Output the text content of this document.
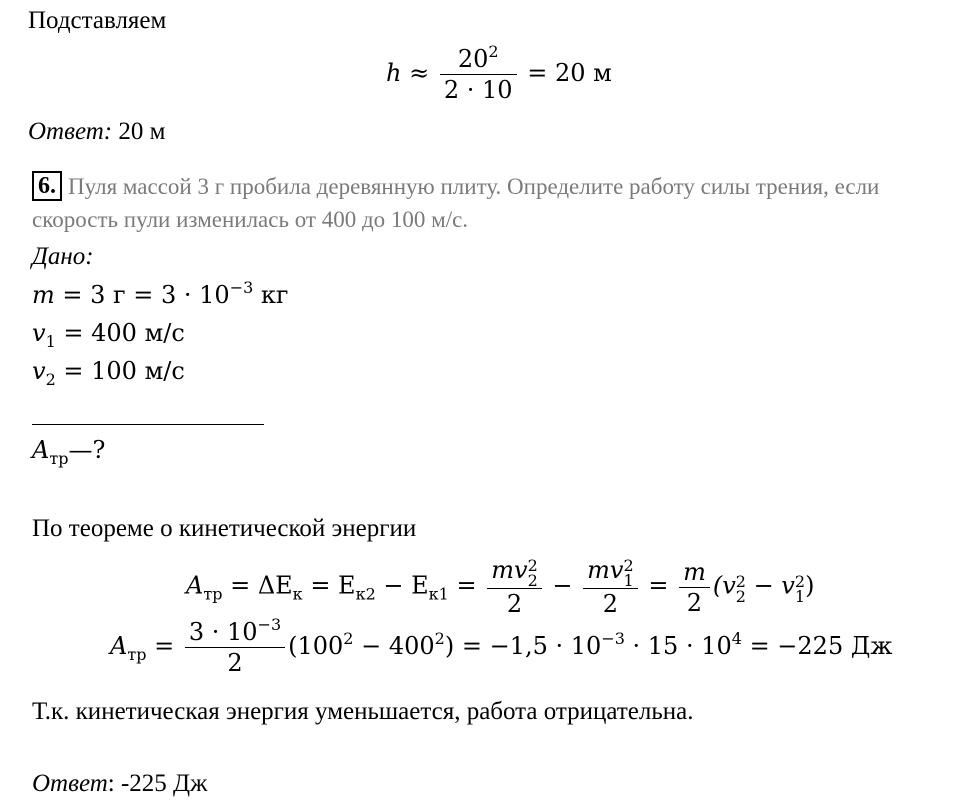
Подставляем
$h \approx \frac{20^2}{2 \cdot 10} = 20$ м
Ответ: 20 м
6. Пуля массой 3 г пробила деревянную плиту. Определите работу силы трения, если
скорость пули изменилась от 400 до 100 м/с.
Дано:
m = 3 $г = 3 \cdot 10^{-3}$ кг
$v_1 = 400$ м/с
$v_2 = 100$ м/с
$A_{тр}—$?
По теореме о кинетической энергии
$A_{тр} = \Delta E_к = E_{к2} - E_{к1}$ = mv 2
2
2 − mv 2
1
$2 = \frac{m}{2} (v$ 2
2 − v 2
1 )
$A_{тр} = \frac{3 \cdot 10^{-3}}{2} (100^2 - 400^2) = -1,5 \cdot 10^{-3} \cdot 15 \cdot 10^4 = -225$ Дж
Т.к. кинетическая энергия уменьшается, работа отрицательна.
Ответ: -225 Дж
